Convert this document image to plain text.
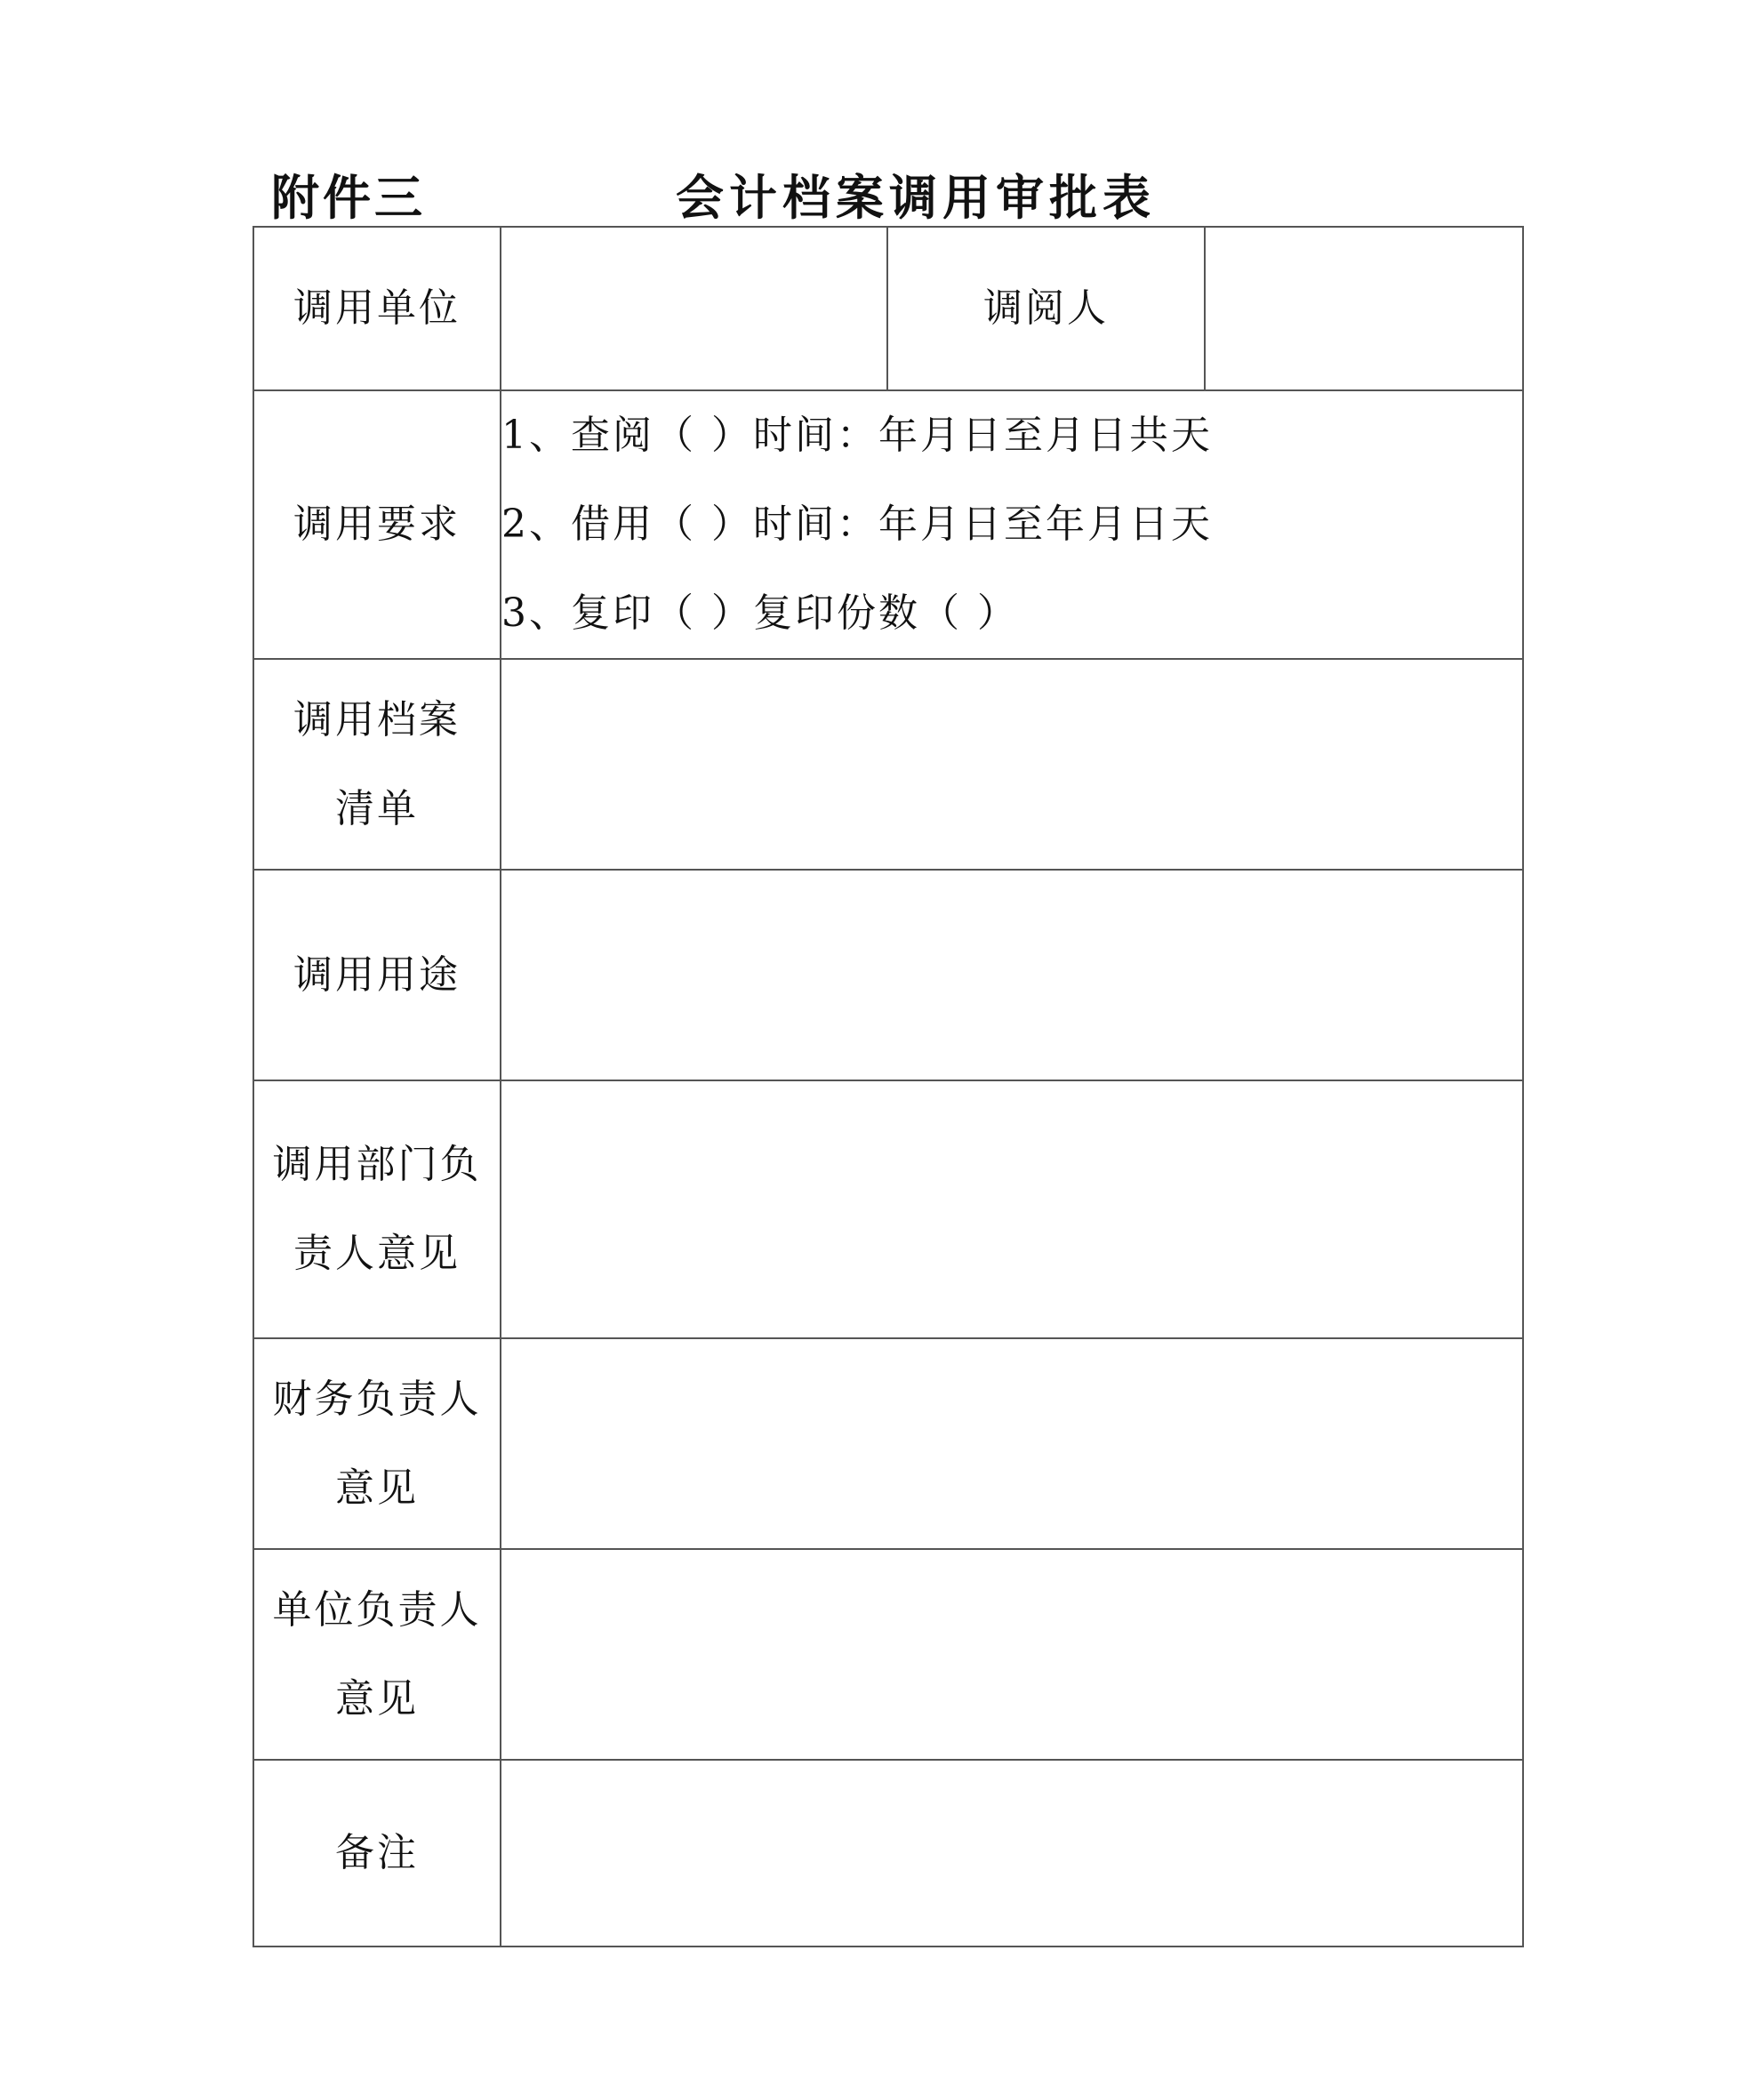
附件三	会计档案调用审批表
调用单位		调阅人	
调用要求	1、查阅（ ）时间：年月日至月日共天
2、借用（ ）时间：年月日至年月日天
3、复印（ ）复印份数（ ）		

调用档案
清单			

调用用途			

调用部门负
责人意见			

财务负责人
意见			

单位负责人
意见			

备注			
